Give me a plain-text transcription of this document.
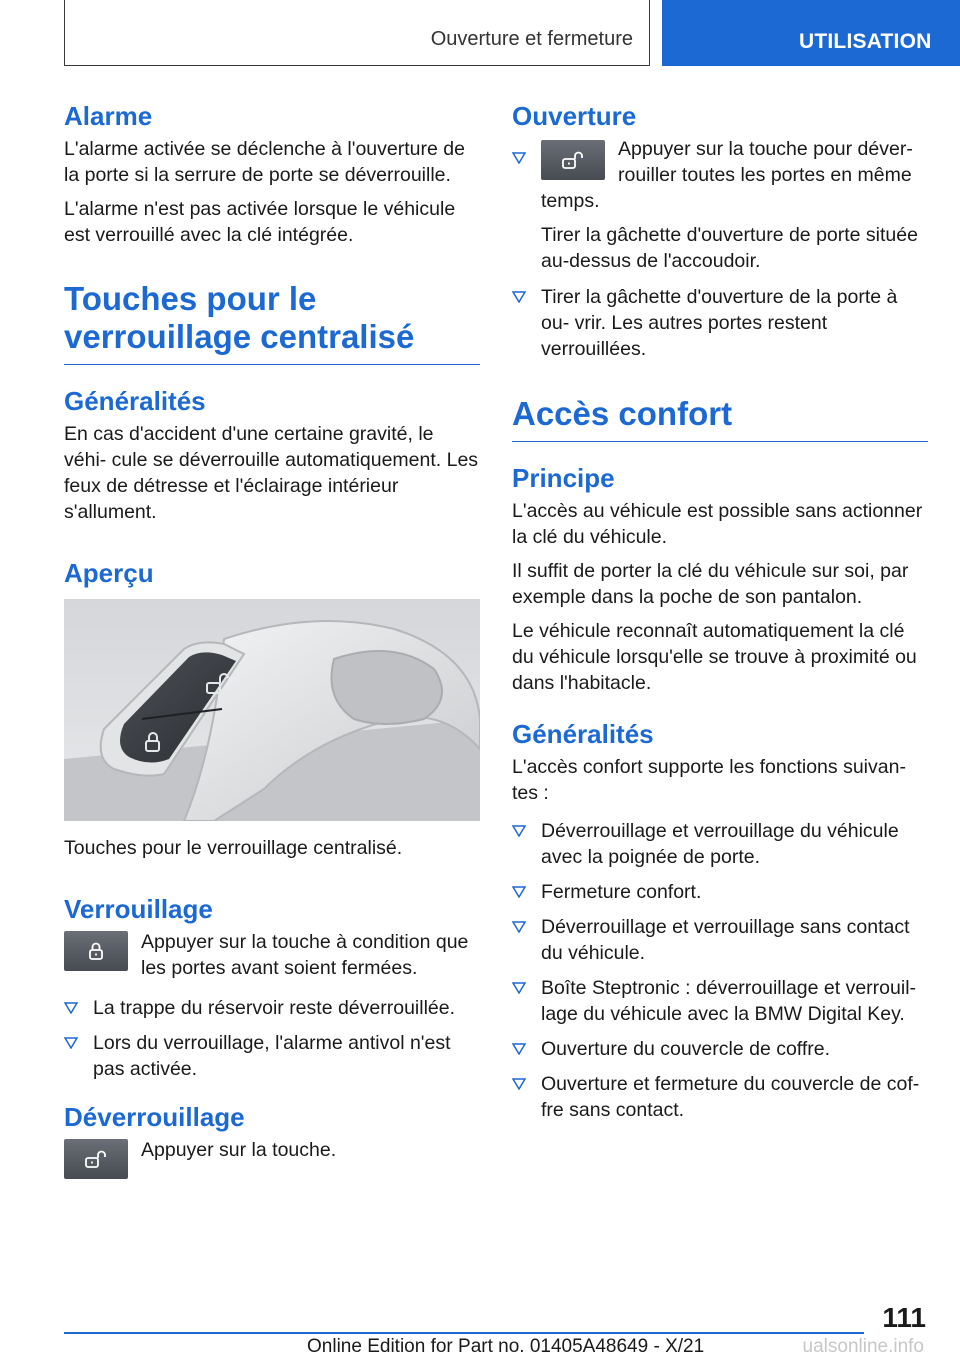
Ouverture et fermeture	UTILISATION
Alarme

L'alarme activée se déclenche à l'ouverture de la porte si la serrure de porte se déverrouille.

L'alarme n'est pas activée lorsque le véhicule est verrouillé avec la clé intégrée.

Touches pour le verrouillage centralisé
Généralités

En cas d'accident d'une certaine gravité, le véhi‐ cule se déverrouille automatiquement. Les feux de détresse et l'éclairage intérieur s'allument.

Aperçu

Touches pour le verrouillage centralisé.

Verrouillage
Appuyer sur la touche à condition que les portes avant soient fermées.
La trappe du réservoir reste déverrouillée.
Lors du verrouillage, l'alarme antivol n'est pas activée.
Déverrouillage
Appuyer sur la touche.
Ouverture

Appuyer sur la touche pour déver‐ rouiller toutes les portes en même temps.

Tirer la gâchette d'ouverture de porte située au-dessus de l'accoudoir.

Tirer la gâchette d'ouverture de la porte à ou‐ vrir. Les autres portes restent verrouillées.
Accès confort
Principe

L'accès au véhicule est possible sans actionner la clé du véhicule.

Il suffit de porter la clé du véhicule sur soi, par exemple dans la poche de son pantalon.

Le véhicule reconnaît automatiquement la clé du véhicule lorsqu'elle se trouve à proximité ou dans l'habitacle.

Généralités

L'accès confort supporte les fonctions suivan‐ tes :

Déverrouillage et verrouillage du véhicule avec la poignée de porte.
Fermeture confort.
Déverrouillage et verrouillage sans contact du véhicule.
Boîte Steptronic : déverrouillage et verrouil‐ lage du véhicule avec la BMW Digital Key.
Ouverture du couvercle de coffre.
Ouverture et fermeture du couvercle de cof‐ fre sans contact.
111
Online Edition for Part no. 01405A48649 - X/21	ualsonline.info
